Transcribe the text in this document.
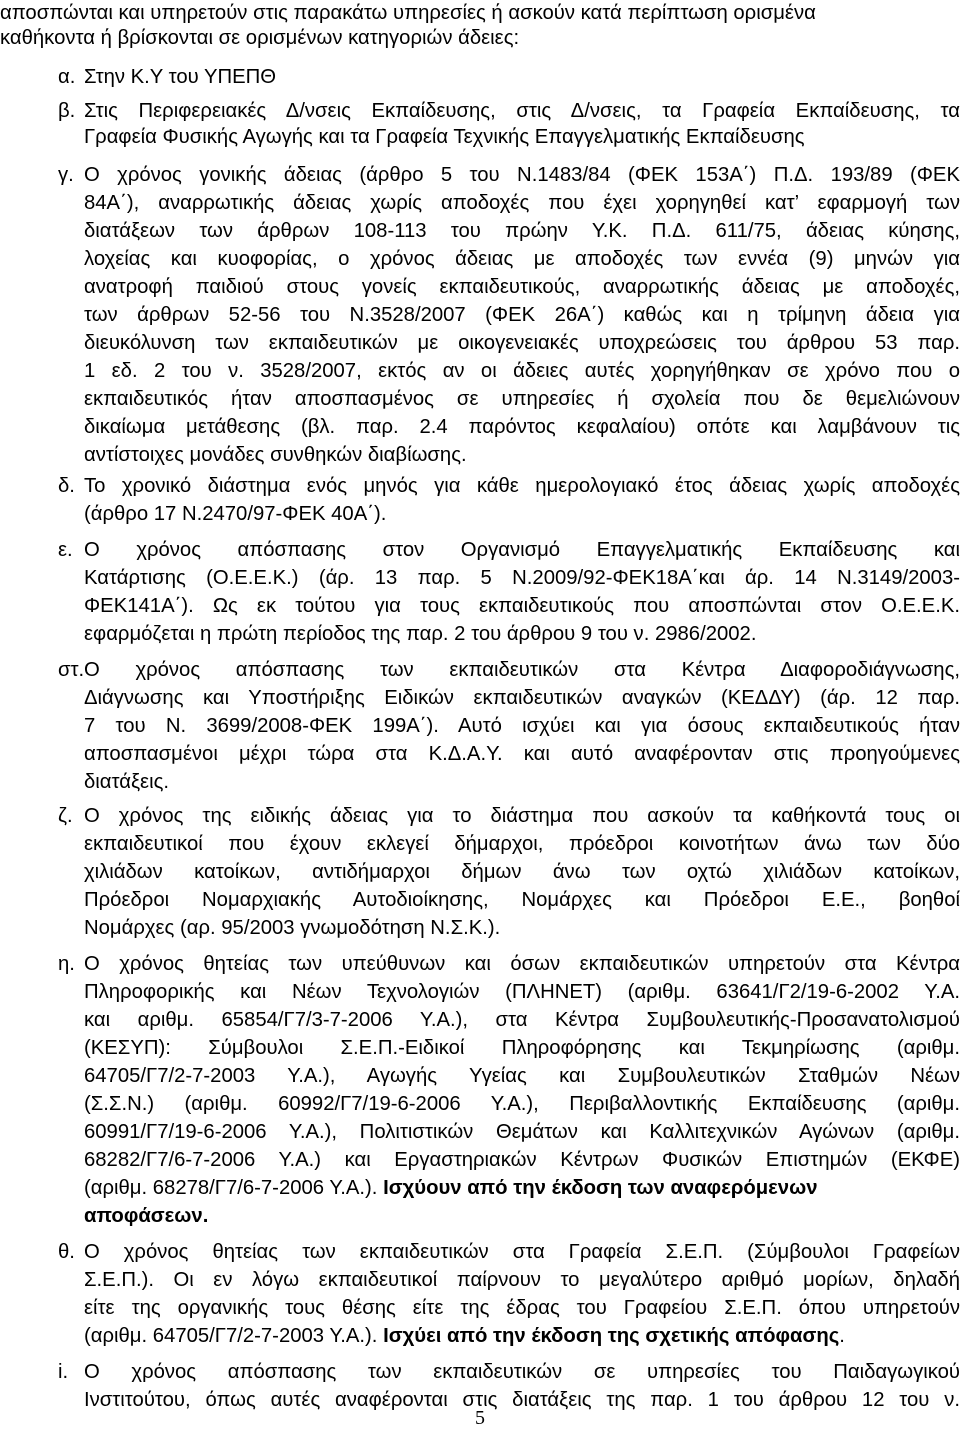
αποσπώνται και υπηρετούν στις παρακάτω υπηρεσίες ή ασκούν κατά περίπτωση ορισμένα
καθήκοντα ή βρίσκονται σε ορισμένων κατηγοριών άδειες:
α. Στην Κ.Υ του ΥΠΕΠΘ
β. Στις Περιφερειακές Δ/νσεις Εκπαίδευσης, στις Δ/νσεις, τα Γραφεία Εκπαίδευσης, τα
Γραφεία Φυσικής Αγωγής και τα Γραφεία Τεχνικής Επαγγελματικής Εκπαίδευσης
γ. Ο χρόνος γονικής άδειας (άρθρο 5 του Ν.1483/84 (ΦΕΚ 153Α΄) Π.Δ. 193/89 (ΦΕΚ
84Α΄), αναρρωτικής άδειας χωρίς αποδοχές που έχει χορηγηθεί κατ’ εφαρμογή των
διατάξεων των άρθρων 108-113 του πρώην Υ.Κ. Π.Δ. 611/75, άδειας κύησης,
λοχείας και κυοφορίας, ο χρόνος άδειας με αποδοχές των εννέα (9) μηνών για
ανατροφή παιδιού στους γονείς εκπαιδευτικούς, αναρρωτικής άδειας με αποδοχές,
των άρθρων 52-56 του Ν.3528/2007 (ΦΕΚ 26Α΄) καθώς και η τρίμηνη άδεια για
διευκόλυνση των εκπαιδευτικών με οικογενειακές υποχρεώσεις του άρθρου 53 παρ.
1 εδ. 2 του ν. 3528/2007, εκτός αν οι άδειες αυτές χορηγήθηκαν σε χρόνο που ο
εκπαιδευτικός ήταν αποσπασμένος σε υπηρεσίες ή σχολεία που δε θεμελιώνουν
δικαίωμα μετάθεσης (βλ. παρ. 2.4 παρόντος κεφαλαίου) οπότε και λαμβάνουν τις
αντίστοιχες μονάδες συνθηκών διαβίωσης.
δ. Το χρονικό διάστημα ενός μηνός για κάθε ημερολογιακό έτος άδειας χωρίς αποδοχές
(άρθρο 17 Ν.2470/97-ΦΕΚ 40Α΄).
ε. Ο χρόνος απόσπασης στον Οργανισμό Επαγγελματικής Εκπαίδευσης και
Κατάρτισης (Ο.Ε.Ε.Κ.) (άρ. 13 παρ. 5 Ν.2009/92-ΦΕΚ18Α΄και άρ. 14 Ν.3149/2003-
ΦΕΚ141Α΄). Ως εκ τούτου για τους εκπαιδευτικούς που αποσπώνται στον Ο.Ε.Ε.Κ.
εφαρμόζεται η πρώτη περίοδος της παρ. 2 του άρθρου 9 του ν. 2986/2002.
στ. Ο χρόνος απόσπασης των εκπαιδευτικών στα Κέντρα Διαφοροδιάγνωσης,
Διάγνωσης και Υποστήριξης Ειδικών εκπαιδευτικών αναγκών (ΚΕΔΔΥ) (άρ. 12 παρ.
7 του Ν. 3699/2008-ΦΕΚ 199Α΄). Αυτό ισχύει και για όσους εκπαιδευτικούς ήταν
αποσπασμένοι μέχρι τώρα στα Κ.Δ.Α.Υ. και αυτό αναφέρονταν στις προηγούμενες
διατάξεις.
ζ. Ο χρόνος της ειδικής άδειας για το διάστημα που ασκούν τα καθήκοντά τους οι
εκπαιδευτικοί που έχουν εκλεγεί δήμαρχοι, πρόεδροι κοινοτήτων άνω των δύο
χιλιάδων κατοίκων, αντιδήμαρχοι δήμων άνω των οχτώ χιλιάδων κατοίκων,
Πρόεδροι Νομαρχιακής Αυτοδιοίκησης, Νομάρχες και Πρόεδροι Ε.Ε., βοηθοί
Νομάρχες (αρ. 95/2003 γνωμοδότηση Ν.Σ.Κ.).
η. Ο χρόνος θητείας των υπεύθυνων και όσων εκπαιδευτικών υπηρετούν στα Κέντρα
Πληροφορικής και Νέων Τεχνολογιών (ΠΛΗΝΕΤ) (αριθμ. 63641/Γ2/19-6-2002 Υ.Α.
και αριθμ. 65854/Γ7/3-7-2006 Υ.Α.), στα Κέντρα Συμβουλευτικής-Προσανατολισμού
(ΚΕΣΥΠ): Σύμβουλοι Σ.Ε.Π.-Ειδικοί Πληροφόρησης και Τεκμηρίωσης (αριθμ.
64705/Γ7/2-7-2003 Υ.Α.), Αγωγής Υγείας και Συμβουλευτικών Σταθμών Νέων
(Σ.Σ.Ν.) (αριθμ. 60992/Γ7/19-6-2006 Υ.Α.), Περιβαλλοντικής Εκπαίδευσης (αριθμ.
60991/Γ7/19-6-2006 Υ.Α.), Πολιτιστικών Θεμάτων και Καλλιτεχνικών Αγώνων (αριθμ.
68282/Γ7/6-7-2006 Υ.Α.) και Εργαστηριακών Κέντρων Φυσικών Επιστημών (ΕΚΦΕ)
(αριθμ. 68278/Γ7/6-7-2006 Υ.Α.). Ισχύουν από την έκδοση των αναφερόμενων
αποφάσεων.
θ. Ο χρόνος θητείας των εκπαιδευτικών στα Γραφεία Σ.Ε.Π. (Σύμβουλοι Γραφείων
Σ.Ε.Π.). Οι εν λόγω εκπαιδευτικοί παίρνουν το μεγαλύτερο αριθμό μορίων, δηλαδή
είτε της οργανικής τους θέσης είτε της έδρας του Γραφείου Σ.Ε.Π. όπου υπηρετούν
(αριθμ. 64705/Γ7/2-7-2003 Υ.Α.). Ισχύει από την έκδοση της σχετικής απόφασης.
i. Ο χρόνος απόσπασης των εκπαιδευτικών σε υπηρεσίες του Παιδαγωγικού
Ινστιτούτου, όπως αυτές αναφέρονται στις διατάξεις της παρ. 1 του άρθρου 12 του ν.
5
